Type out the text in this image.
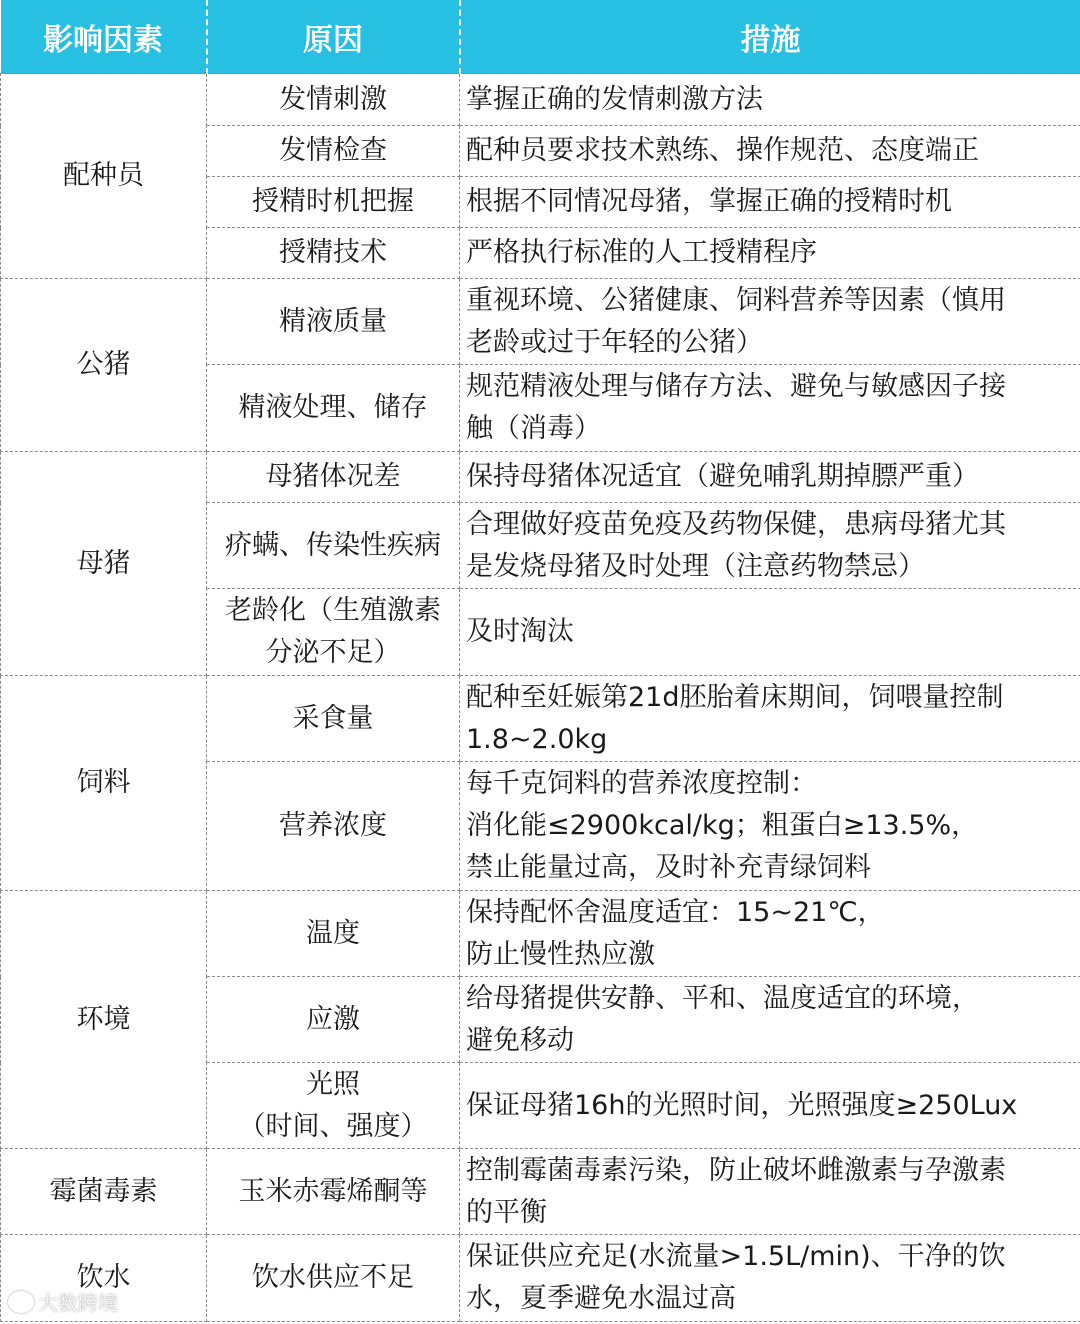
影响因素	原因	措施
配种员	发情刺激	掌握正确的发情刺激方法

	发情检查	配种员要求技术熟练、操作规范、态度端正

	授精时机把握	根据不同情况母猪，掌握正确的授精时机

	授精技术	严格执行标准的人工授精程序

公猪	精液质量	重视环境、公猪健康、饲料营养等因素（慎用
老龄或过于年轻的公猪）

	精液处理、储存	规范精液处理与储存方法、避免与敏感因子接
触（消毒）

母猪	母猪体况差	保持母猪体况适宜（避免哺乳期掉膘严重）

	疥螨、传染性疾病	合理做好疫苗免疫及药物保健，患病母猪尤其
是发烧母猪及时处理（注意药物禁忌）

	老龄化（生殖激素
分泌不足）	及时淘汰

饲料	采食量	配种至妊娠第21d胚胎着床期间，饲喂量控制
1.8~2.0kg

	营养浓度	每千克饲料的营养浓度控制：
消化能≤2900kcal/kg；粗蛋白≥13.5%，
禁止能量过高，及时补充青绿饲料

环境	温度	保持配怀舍温度适宜：15~21℃，
防止慢性热应激

	应激	给母猪提供安静、平和、温度适宜的环境，
避免移动

	光照
（时间、强度）	保证母猪16h的光照时间，光照强度≥250Lux

霉菌毒素	玉米赤霉烯酮等	控制霉菌毒素污染，防止破坏雌激素与孕激素
的平衡

饮水	饮水供应不足	保证供应充足(水流量>1.5L/min)、干净的饮
水，夏季避免水温过高
大数跨境
